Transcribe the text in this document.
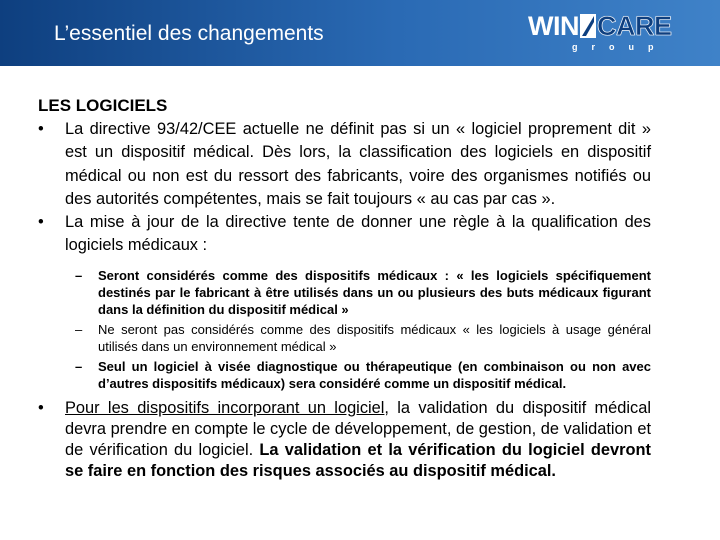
L’essentiel des changements	WIN CARE
group

LES LOGICIELS

• La directive 93/42/CEE actuelle ne définit pas si un « logiciel proprement dit » est un dispositif médical. Dès lors, la classification des logiciels en dispositif médical ou non est du ressort des fabricants, voire des organismes notifiés ou des autorités compétentes, mais se fait toujours « au cas par cas ».

• La mise à jour de la directive tente de donner une règle à la qualification des logiciels médicaux :

– Seront considérés comme des dispositifs médicaux : « les logiciels spécifiquement destinés par le fabricant à être utilisés dans un ou plusieurs des buts médicaux figurant dans la définition du dispositif médical »
– Ne seront pas considérés comme des dispositifs médicaux « les logiciels à usage général utilisés dans un environnement médical »
– Seul un logiciel à visée diagnostique ou thérapeutique (en combinaison ou non avec d’autres dispositifs médicaux) sera considéré comme un dispositif médical.

• Pour les dispositifs incorporant un logiciel, la validation du dispositif médical devra prendre en compte le cycle de développement, de gestion, de validation et de vérification du logiciel. La validation et la vérification du logiciel devront se faire en fonction des risques associés au dispositif médical.
